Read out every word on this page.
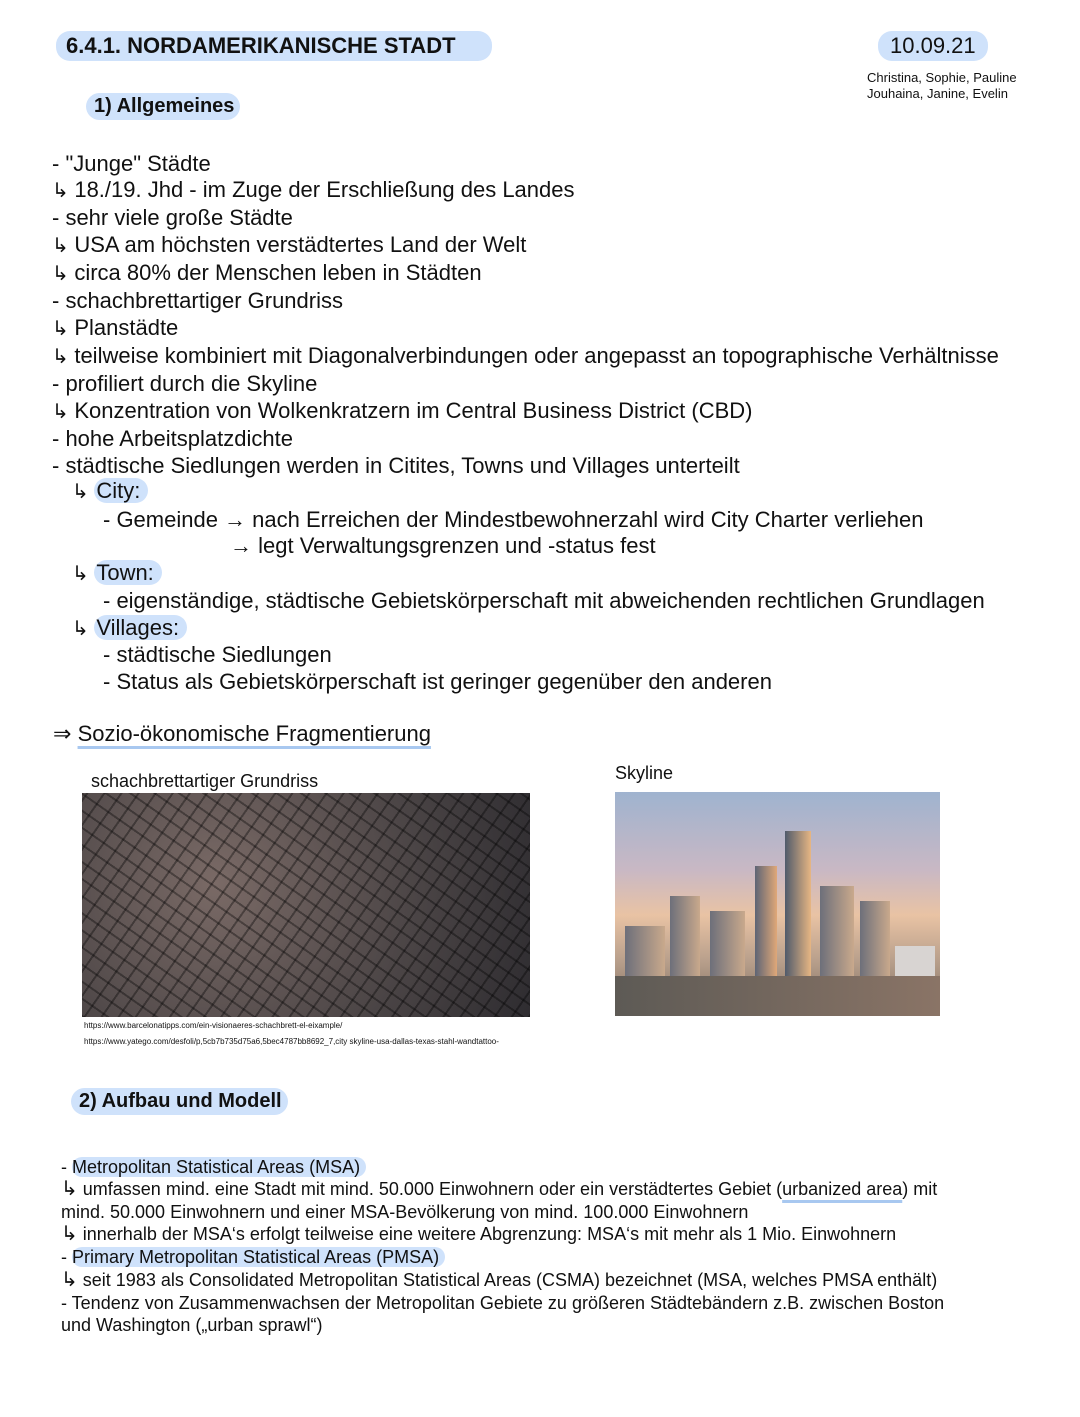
6.4.1. NORDAMERIKANISCHE STADT	10.09.21
Christina, Sophie, Pauline
Jouhaina, Janine, Evelin
1) Allgemeines
- "Junge" Städte
↳ 18./19. Jhd - im Zuge der Erschließung des Landes
- sehr viele große Städte
↳ USA am höchsten verstädtertes Land der Welt
↳ circa 80% der Menschen leben in Städten
- schachbrettartiger Grundriss
↳ Planstädte
↳ teilweise kombiniert mit Diagonalverbindungen oder angepasst an topographische Verhältnisse
- profiliert durch die Skyline
↳ Konzentration von Wolkenkratzern im Central Business District (CBD)
- hohe Arbeitsplatzdichte
- städtische Siedlungen werden in Citites, Towns und Villages unterteilt
↳ City:
- Gemeinde → nach Erreichen der Mindestbewohnerzahl wird City Charter verliehen
→ legt Verwaltungsgrenzen und -status fest
↳ Town:
- eigenständige, städtische Gebietskörperschaft mit abweichenden rechtlichen Grundlagen
↳ Villages:
- städtische Siedlungen
- Status als Gebietskörperschaft ist geringer gegenüber den anderen
⇒ Sozio-ökonomische Fragmentierung
schachbrettartiger Grundriss	Skyline
https://www.barcelonatipps.com/ein-visionaeres-schachbrett-el-eixample/
https://www.yatego.com/desfoli/p,5cb7b735d75a6,5bec4787bb8692_7,city skyline-usa-dallas-texas-stahl-wandtattoo-
2) Aufbau und Modell
- Metropolitan Statistical Areas (MSA)
↳ umfassen mind. eine Stadt mit mind. 50.000 Einwohnern oder ein verstädtertes Gebiet (urbanized area) mit
mind. 50.000 Einwohnern und einer MSA-Bevölkerung von mind. 100.000 Einwohnern
↳ innerhalb der MSA‘s erfolgt teilweise eine weitere Abgrenzung: MSA‘s mit mehr als 1 Mio. Einwohnern
- Primary Metropolitan Statistical Areas (PMSA)
↳ seit 1983 als Consolidated Metropolitan Statistical Areas (CSMA) bezeichnet (MSA, welches PMSA enthält)
- Tendenz von Zusammenwachsen der Metropolitan Gebiete zu größeren Städtebändern z.B. zwischen Boston
und Washington („urban sprawl“)
